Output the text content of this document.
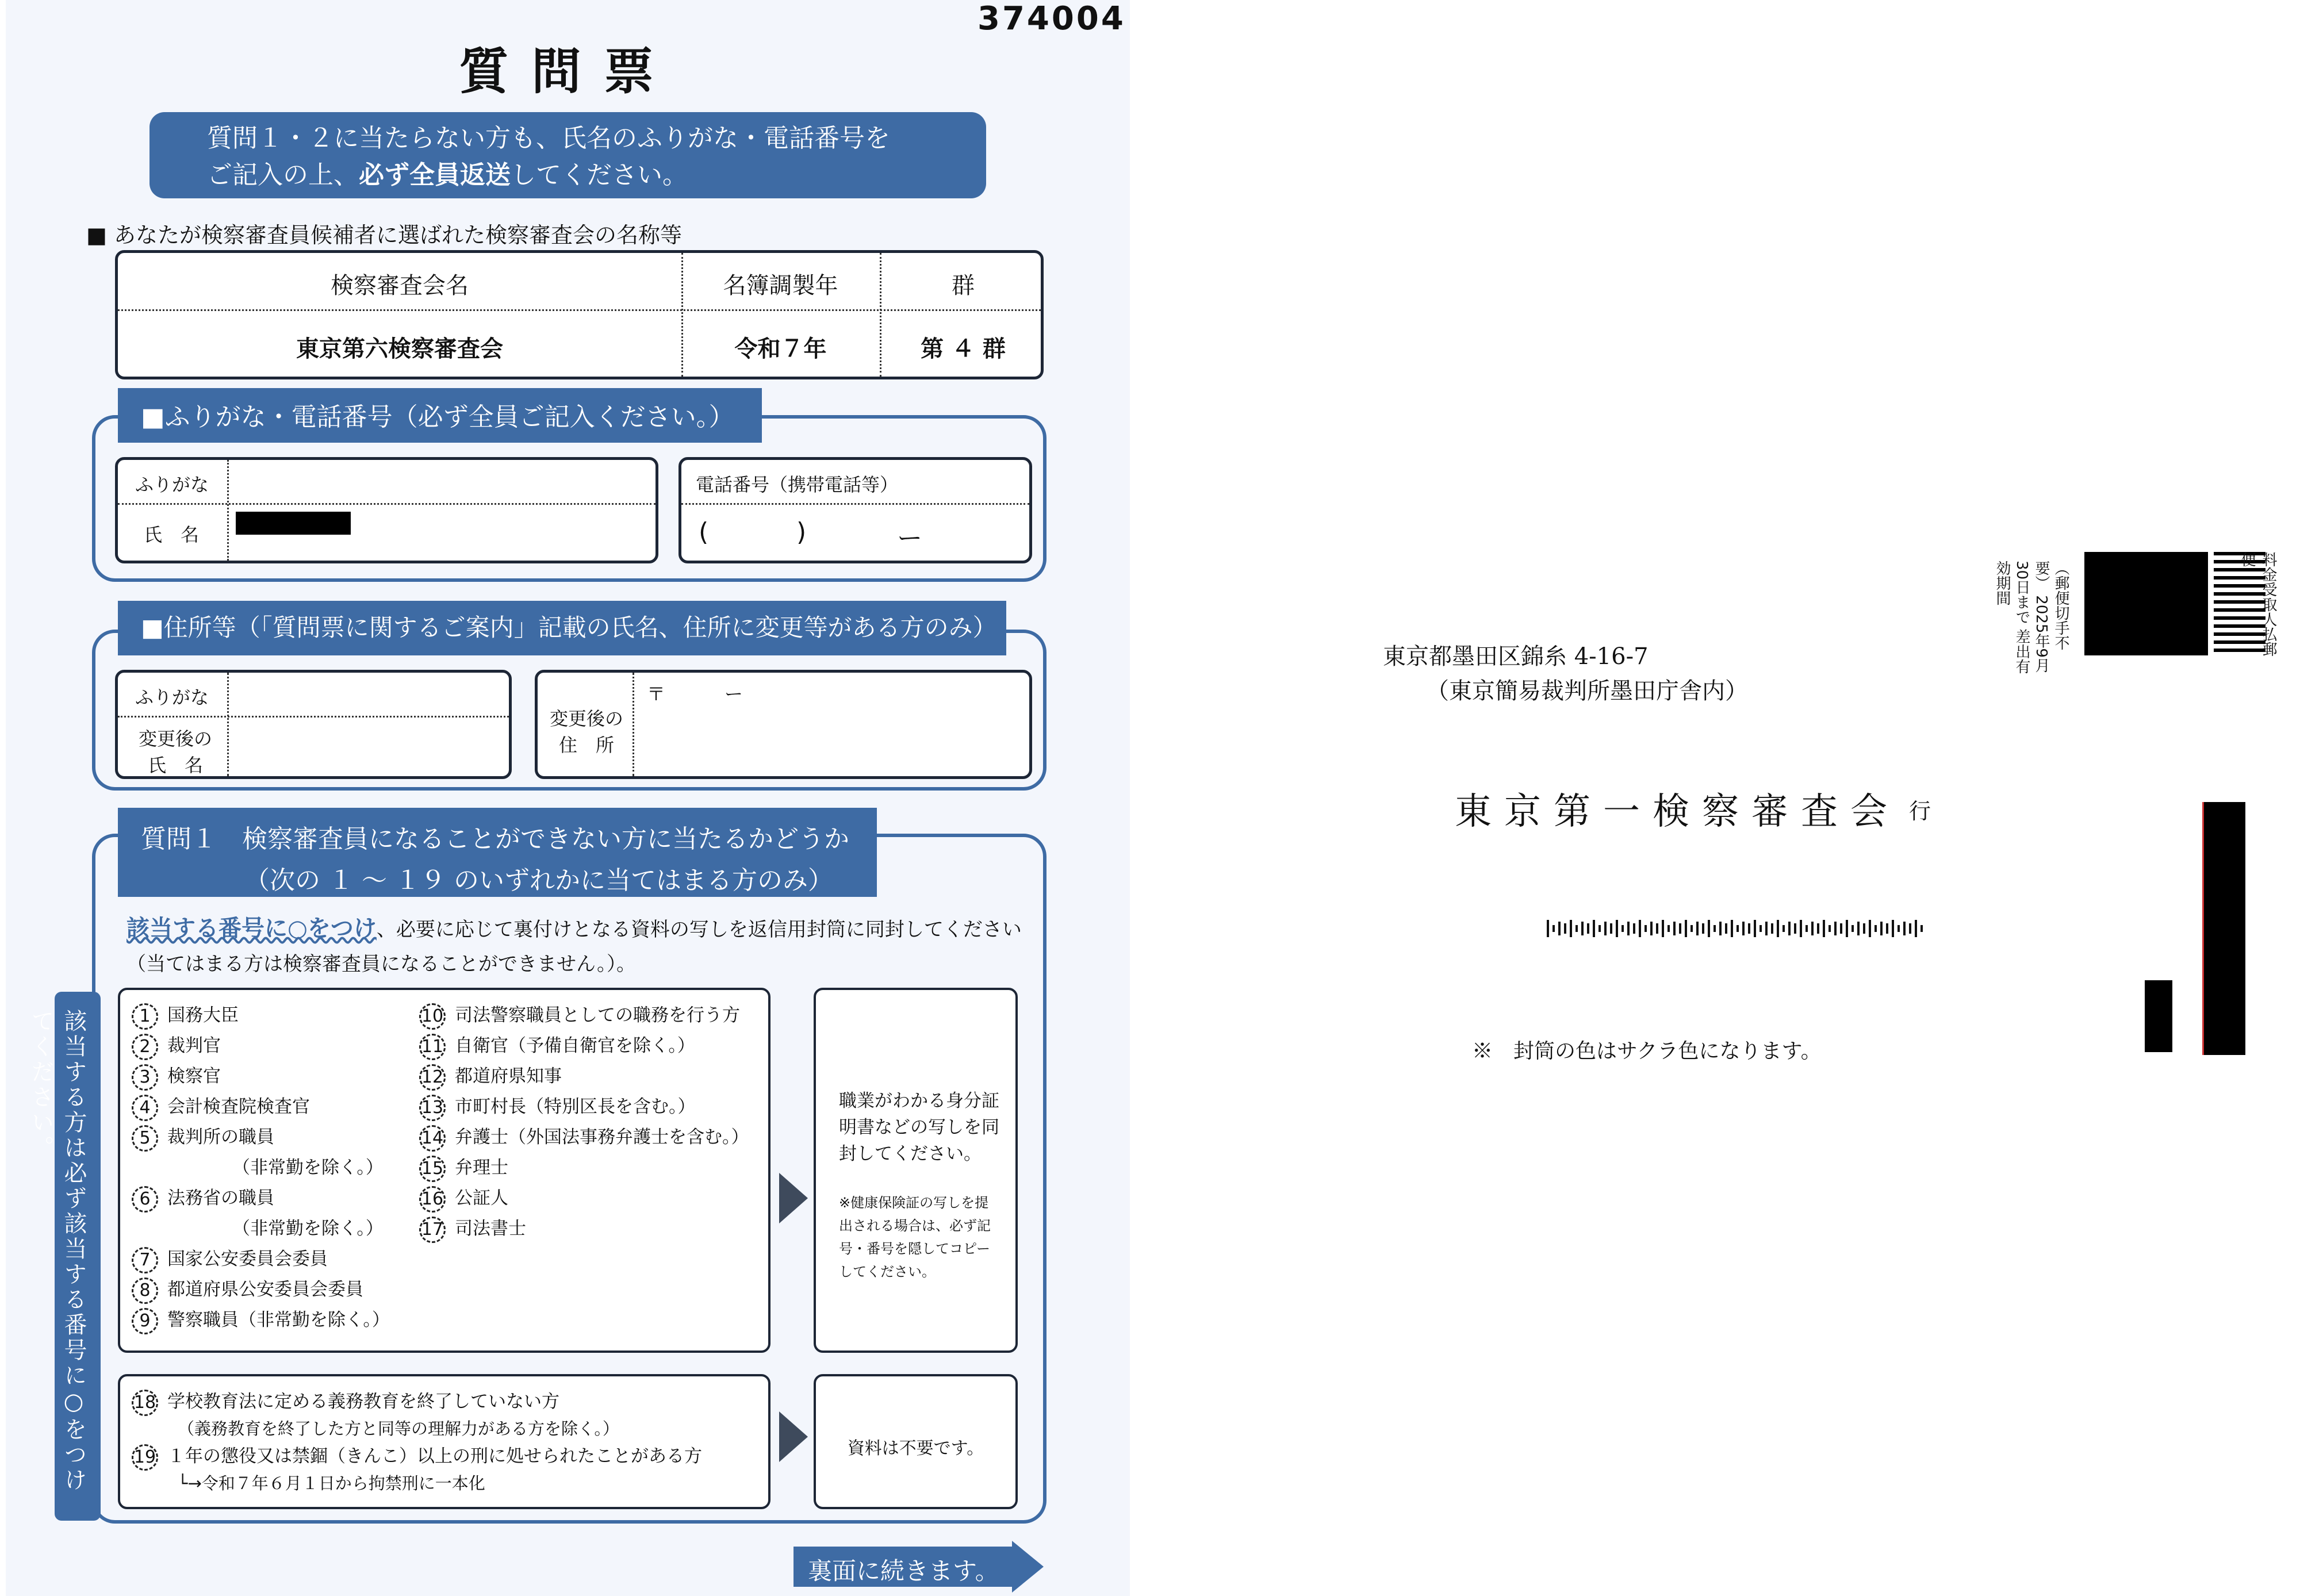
374004
質問票
質問１・２に当たらない方も、氏名のふりがな・電話番号を
ご記入の上、必ず全員返送してください。
■ あなたが検察審査員候補者に選ばれた検察審査会の名称等
検察審査会名	名簿調製年	群
東京第六検察審査会	令和７年	第 ４ 群
■ふりがな・電話番号（必ず全員ご記入ください。）
ふりがな
氏　名
電話番号（携帯電話等）
(	)	ー
■住所等（「質問票に関するご案内」記載の氏名、住所に変更等がある方のみ）
ふりがな
変更後の 氏　名
変更後の 住　所
〒	ー
質問１　検察審査員になることができない方に当たるかどうか
（次の １ ～ １９ のいずれかに当てはまる方のみ）
該当する番号に○をつけ、必要に応じて裏付けとなる資料の写しを返信用封筒に同封してください（当てはまる方は検察審査員になることができません。）。
該当する方は必ず該当する番号に○をつけてください。	1 国務大臣
2 裁判官
3 検察官
4 会計検査院検査官
5 裁判所の職員
（非常勤を除く。）
6 法務省の職員
（非常勤を除く。）
7 国家公安委員会委員
8 都道府県公安委員会委員
9 警察職員（非常勤を除く。）
10 司法警察職員としての職務を行う方
11 自衛官（予備自衛官を除く。）
12 都道府県知事
13 市町村長（特別区長を含む。）
14 弁護士（外国法事務弁護士を含む。）
15 弁理士
16 公証人
17 司法書士
職業がわかる身分証明書などの写しを同封してください。
※健康保険証の写しを提出される場合は、必ず記号・番号を隠してコピーしてください。
18 学校教育法に定める義務教育を終了していない方
（義務教育を終了した方と同等の理解力がある方を除く。）
19 １年の懲役又は禁錮（きんこ）以上の刑に処せられたことがある方
└→令和７年６月１日から拘禁刑に一本化
資料は不要です。
裏面に続きます。
東京都墨田区錦糸 4-16-7
（東京簡易裁判所墨田庁舎内）
東京第一検察審査会 行
※　封筒の色はサクラ色になります。
（郵便切手不要） 2025年9月30日まで 差出有効期間	料金受取人払郵便
